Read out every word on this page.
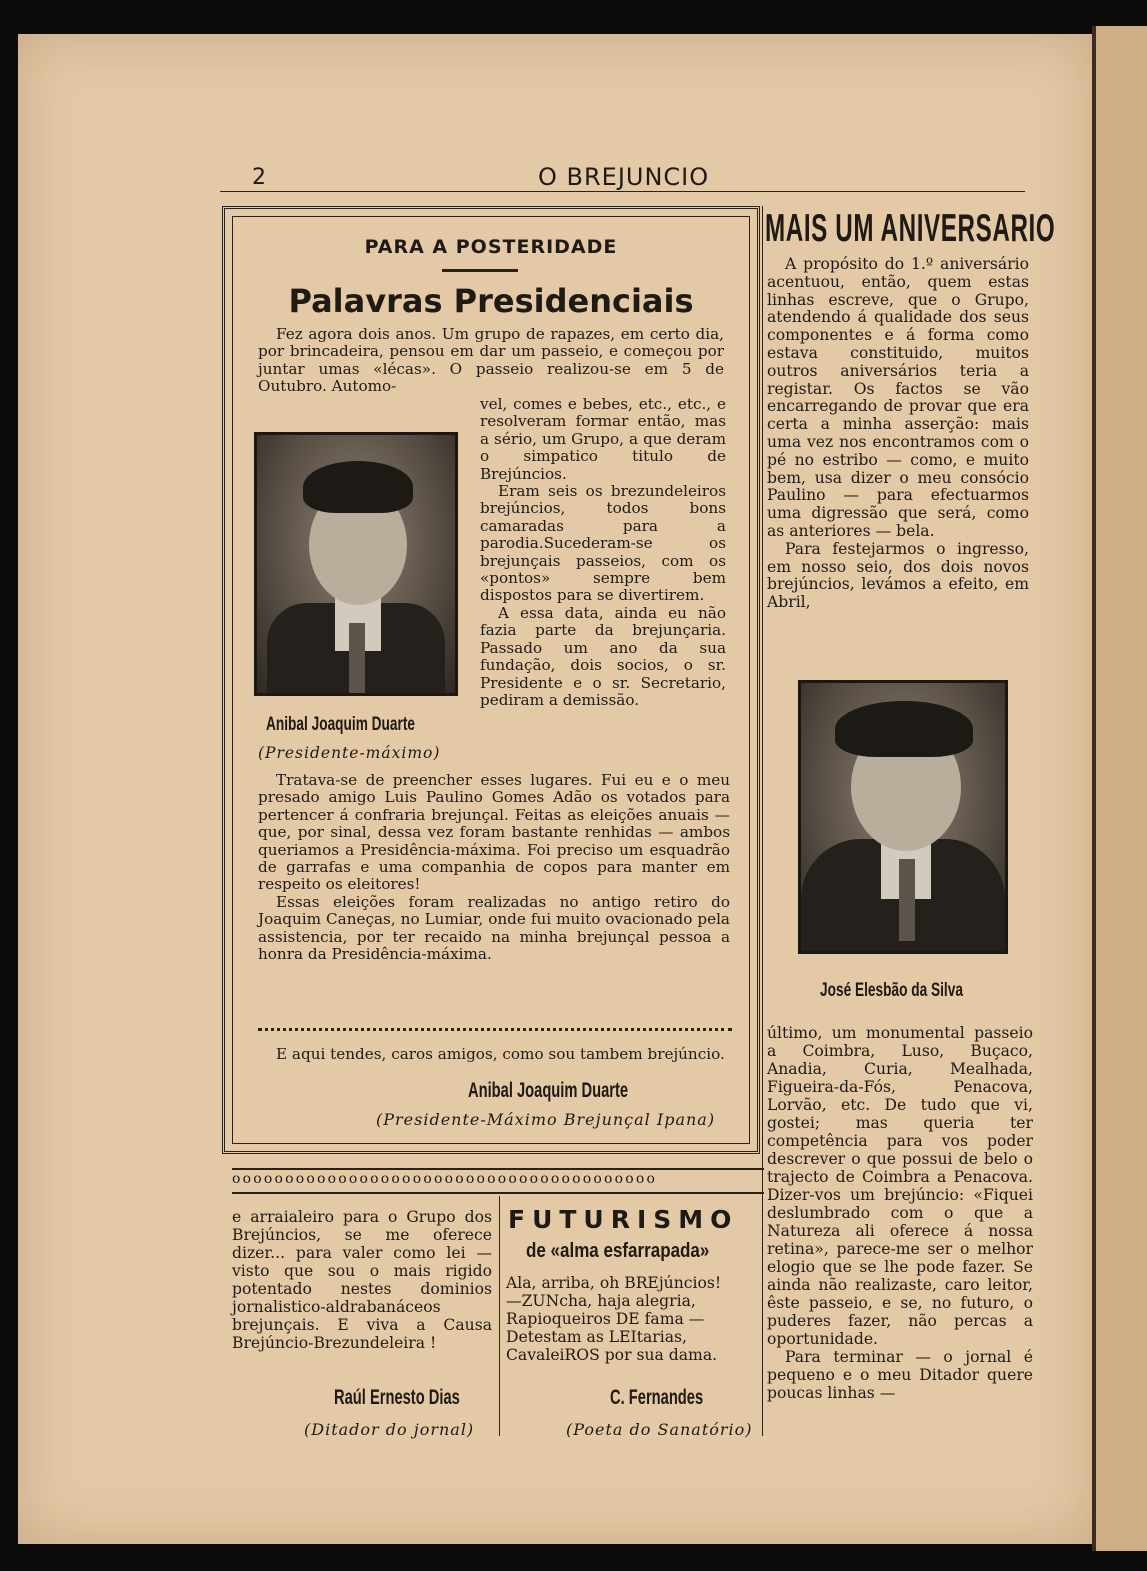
2	O BREJUNCIO
PARA A POSTERIDADE
Palavras Presidenciais

Fez agora dois anos. Um grupo de rapazes, em certo dia, por brincadeira, pensou em dar um passeio, e começou por juntar umas «lécas». O passeio realizou-se em 5 de Outubro. Automo-

Anibal Joaquim Duarte
(Presidente-máximo)

vel, comes e bebes, etc., etc., e resolveram formar então, mas a sério, um Grupo, a que deram o simpatico titulo de Brejúncios.

Eram seis os brezundeleiros brejúncios, todos bons camaradas para a parodia.Sucederam-se os brejunçais passeios, com os «pontos» sempre bem dispostos para se divertirem.

A essa data, ainda eu não fazia parte da brejunçaria. Passado um ano da sua fundação, dois socios, o sr. Presidente e o sr. Secretario, pediram a demissão.

Tratava-se de preencher esses lugares. Fui eu e o meu presado amigo Luis Paulino Gomes Adão os votados para pertencer á confraria brejunçal. Feitas as eleições anuais — que, por sinal, dessa vez foram bastante renhidas — ambos queriamos a Presidência-máxima. Foi preciso um esquadrão de garrafas e uma companhia de copos para manter em respeito os eleitores!

Essas eleições foram realizadas no antigo retiro do Joaquim Caneças, no Lumiar, onde fui muito ovacionado pela assistencia, por ter recaido na minha brejunçal pessoa a honra da Presidência-máxima.

E aqui tendes, caros amigos, como sou tambem brejúncio.

Anibal Joaquim Duarte
(Presidente-Máximo Brejunçal Ipana)
oooooooooooooooooooooooooooooooooooooooo

e arraialeiro para o Grupo dos Brejúncios, se me oferece dizer... para valer como lei — visto que sou o mais rigido potentado nestes dominios jornalistico-aldrabanáceos brejunçais. E viva a Causa Brejúncio-Brezundeleira !

Raúl Ernesto Dias
(Ditador do jornal)
FUTURISMO
de «alma esfarrapada»
Ala, arriba, oh BREjúncios!
—ZUNcha, haja alegria,
Rapioqueiros DE fama —
Detestam as LEItarias,
CavaleiROS por sua dama.
C. Fernandes
(Poeta do Sanatório)
MAIS UM ANIVERSARIO

A propósito do 1.º aniversário acentuou, então, quem estas linhas escreve, que o Grupo, atendendo á qualidade dos seus componentes e á forma como estava constituido, muitos outros aniversários teria a registar. Os factos se vão encarregando de provar que era certa a minha asserção: mais uma vez nos encontramos com o pé no estribo — como, e muito bem, usa dizer o meu consócio Paulino — para efectuarmos uma digressão que será, como as anteriores — bela.

Para festejarmos o ingresso, em nosso seio, dos dois novos brejúncios, levámos a efeito, em Abril,

José Elesbão da Silva

último, um monumental passeio a Coimbra, Luso, Buçaco, Anadia, Curia, Mealhada, Figueira-da-Fós, Penacova, Lorvão, etc. De tudo que vi, gostei; mas queria ter competência para vos poder descrever o que possui de belo o trajecto de Coimbra a Penacova. Dizer-vos um brejúncio: «Fiquei deslumbrado com o que a Natureza ali oferece á nossa retina», parece-me ser o melhor elogio que se lhe pode fazer. Se ainda não realizaste, caro leitor, êste passeio, e se, no futuro, o puderes fazer, não percas a oportunidade.

Para terminar — o jornal é pequeno e o meu Ditador quere poucas linhas —
